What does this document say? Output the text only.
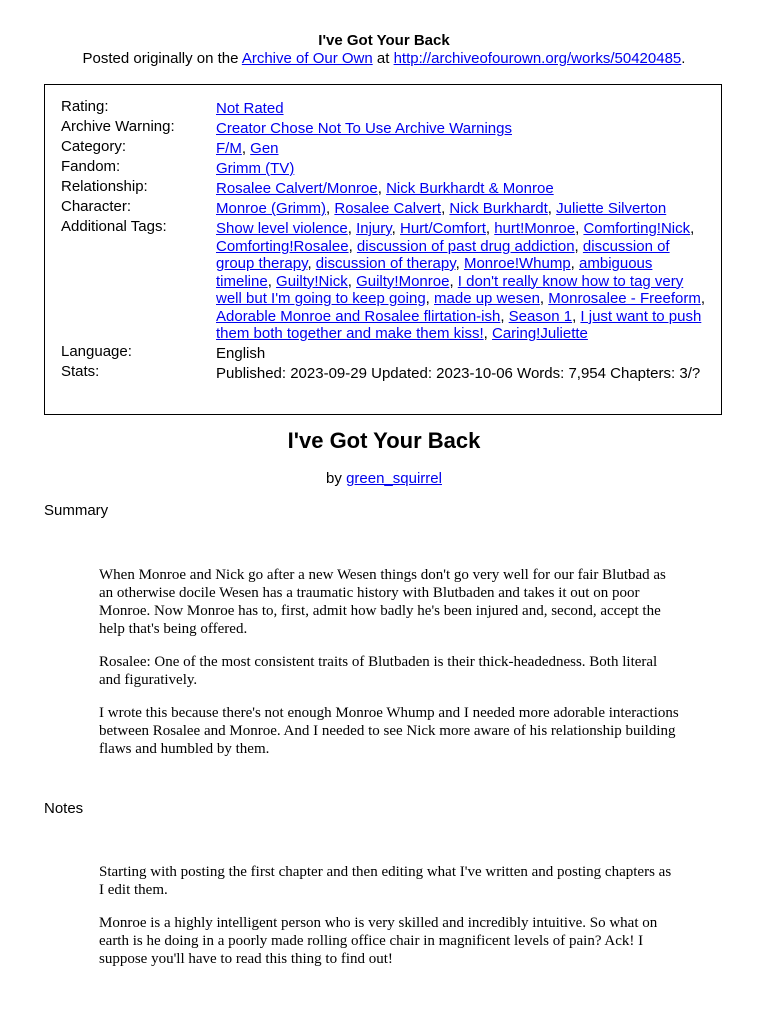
I've Got Your Back
Posted originally on the Archive of Our Own at http://archiveofourown.org/works/50420485.
Rating:	Not Rated
Archive Warning:	Creator Chose Not To Use Archive Warnings
Category:	F/M, Gen
Fandom:	Grimm (TV)
Relationship:	Rosalee Calvert/Monroe, Nick Burkhardt & Monroe
Character:	Monroe (Grimm), Rosalee Calvert, Nick Burkhardt, Juliette Silverton
Additional Tags:	Show level violence, Injury, Hurt/Comfort, hurt!Monroe, Comforting!Nick, Comforting!Rosalee, discussion of past drug addiction, discussion of group therapy, discussion of therapy, Monroe!Whump, ambiguous timeline, Guilty!Nick, Guilty!Monroe, I don't really know how to tag very well but I'm going to keep going, made up wesen, Monrosalee - Freeform, Adorable Monroe and Rosalee flirtation-ish, Season 1, I just want to push them both together and make them kiss!, Caring!Juliette
Language:	English
Stats:	Published: 2023-09-29 Updated: 2023-10-06 Words: 7,954 Chapters: 3/?
I've Got Your Back
by green_squirrel
Summary

When Monroe and Nick go after a new Wesen things don't go very well for our fair Blutbad as an otherwise docile Wesen has a traumatic history with Blutbaden and takes it out on poor Monroe. Now Monroe has to, first, admit how badly he's been injured and, second, accept the help that's being offered.

Rosalee: One of the most consistent traits of Blutbaden is their thick-headedness. Both literal and figuratively.

I wrote this because there's not enough Monroe Whump and I needed more adorable interactions between Rosalee and Monroe. And I needed to see Nick more aware of his relationship building flaws and humbled by them.

Notes

Starting with posting the first chapter and then editing what I've written and posting chapters as I edit them.

Monroe is a highly intelligent person who is very skilled and incredibly intuitive. So what on earth is he doing in a poorly made rolling office chair in magnificent levels of pain? Ack! I suppose you'll have to read this thing to find out!
